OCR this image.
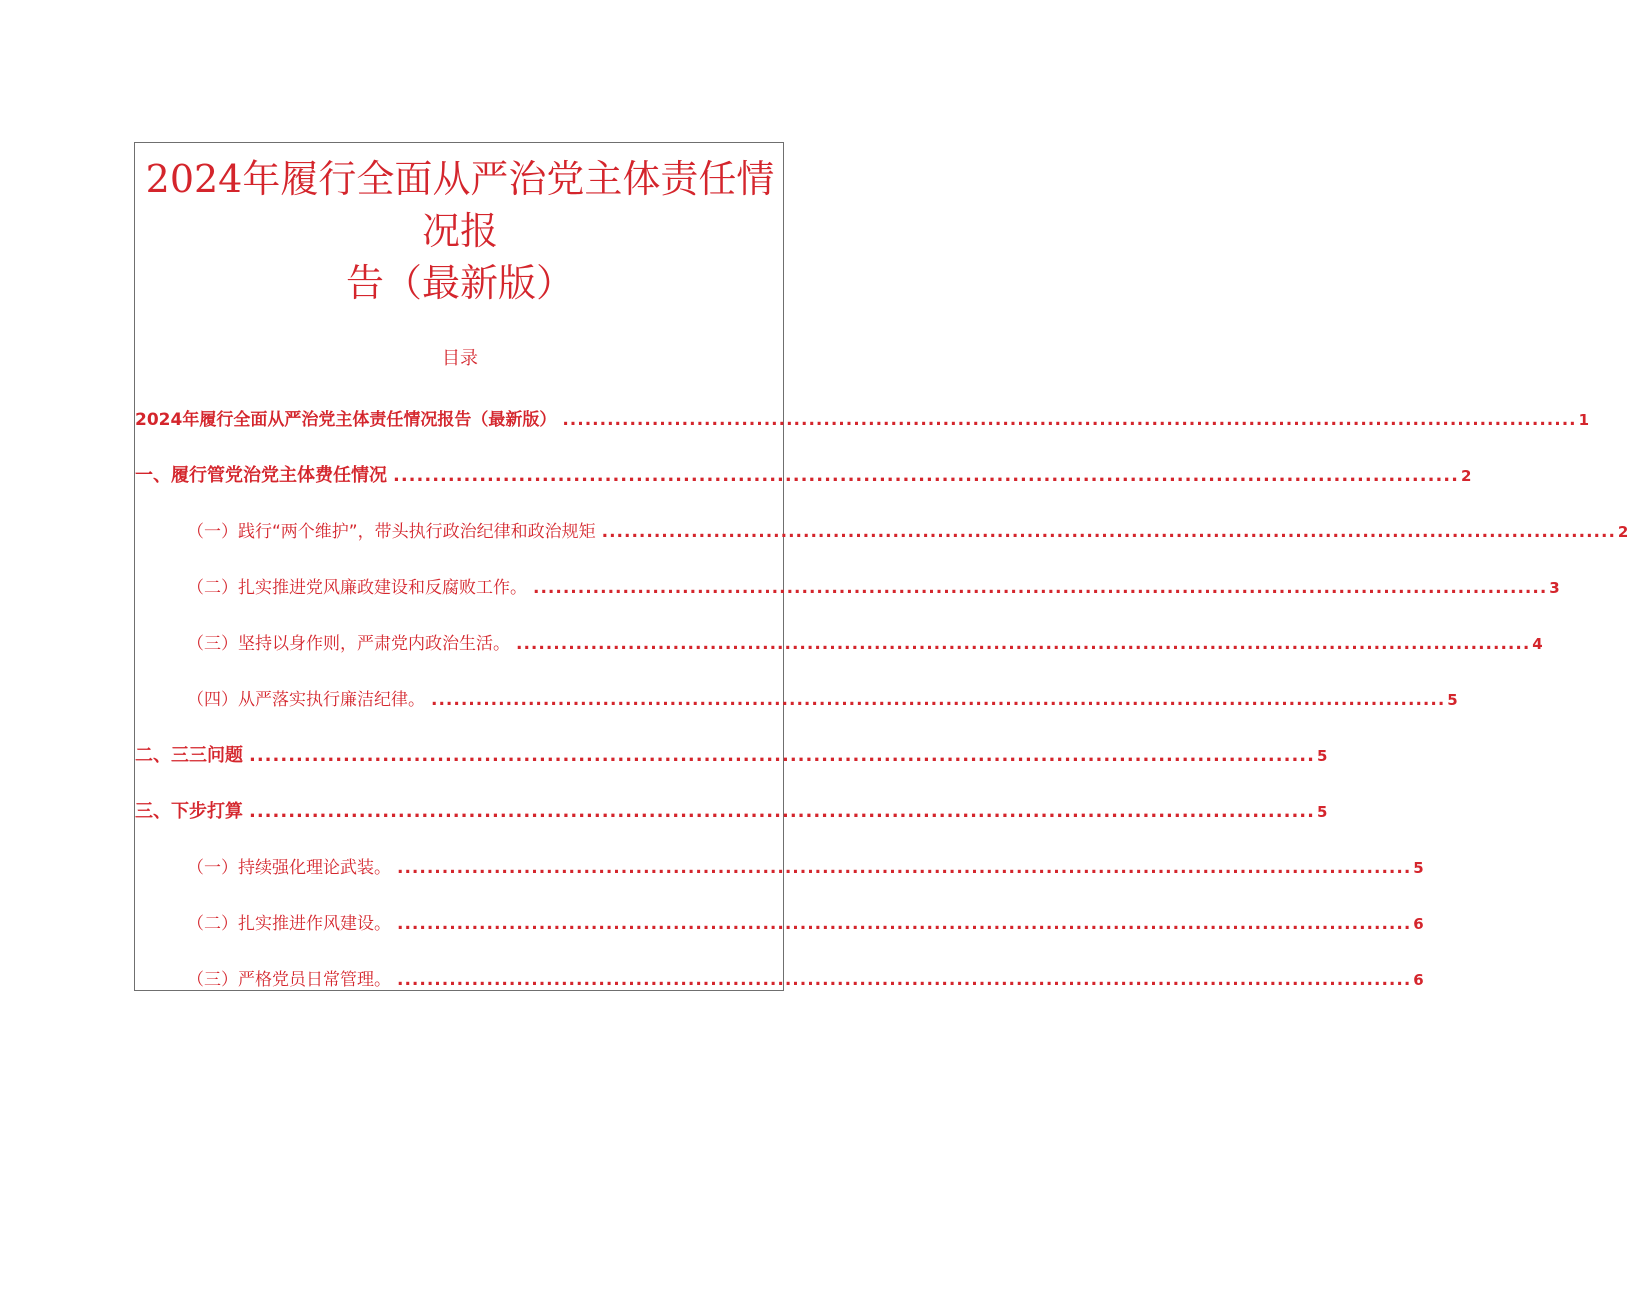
2024年履行全面从严治党主体责任情况报
告（最新版）
目录
2024年履行全面从严治党主体责任情况报告（最新版） ........................................................................................................................................ 1
一、履行管党治党主体费任情况 ........................................................................................................................................ 2
（一）践行“两个维护”，带头执行政治纪律和政治规矩 ........................................................................................................................................ 2
（二）扎实推进党风廉政建设和反腐败工作。 ........................................................................................................................................ 3
（三）坚持以身作则，严肃党内政治生活。 ........................................................................................................................................ 4
（四）从严落实执行廉洁纪律。 ........................................................................................................................................ 5
二、三三问题 ........................................................................................................................................ 5
三、下步打算 ........................................................................................................................................ 5
（一）持续强化理论武装。 ........................................................................................................................................ 5
（二）扎实推进作风建设。 ........................................................................................................................................ 6
（三）严格党员日常管理。 ........................................................................................................................................ 6
